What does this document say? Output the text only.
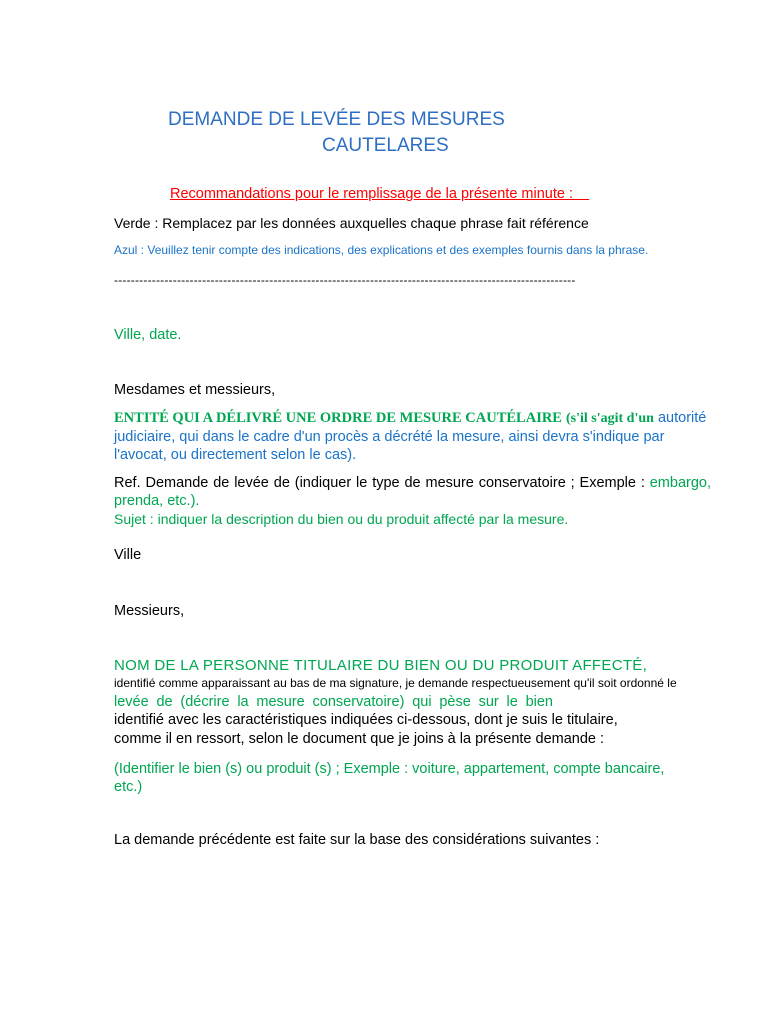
DEMANDE DE LEVÉE DES MESURES
CAUTELARES
Recommandations pour le remplissage de la présente minute :
Verde : Remplacez par les données auxquelles chaque phrase fait référence
Azul : Veuillez tenir compte des indications, des explications et des exemples fournis dans la phrase.
--------------------------------------------------------------------------------------------------------------
Ville, date.
Mesdames et messieurs,
ENTITÉ QUI A DÉLIVRÉ UNE ORDRE DE MESURE CAUTÉLAIRE (s'il s'agit d'un autorité judiciaire, qui dans le cadre d'un procès a décrété la mesure, ainsi devra s'indique par l'avocat, ou directement selon le cas).
Ref. Demande de levée de (indiquer le type de mesure conservatoire ; Exemple : embargo, prenda, etc.).
Sujet : indiquer la description du bien ou du produit affecté par la mesure.
Ville
Messieurs,
NOM DE LA PERSONNE TITULAIRE DU BIEN OU DU PRODUIT AFFECTÉ,
identifié comme apparaissant au bas de ma signature, je demande respectueusement qu'il soit ordonné le
levée de (décrire la mesure conservatoire) qui pèse sur le bien
identifié avec les caractéristiques indiquées ci-dessous, dont je suis le titulaire,
comme il en ressort, selon le document que je joins à la présente demande :
(Identifier le bien (s) ou produit (s) ; Exemple : voiture, appartement, compte bancaire, etc.)
La demande précédente est faite sur la base des considérations suivantes :
